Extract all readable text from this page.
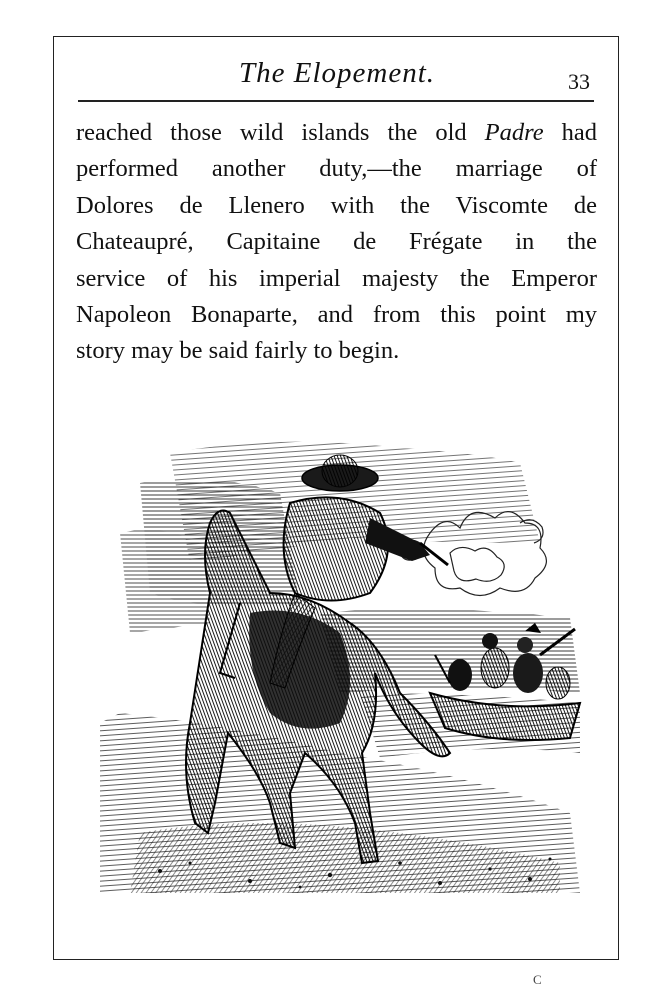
The Elopement.	33
reached those wild islands the old Padre had
performed another duty,—the marriage of
Dolores de Llenero with the Viscomte de
Chateaupré, Capitaine de Frégate in the
service of his imperial majesty the Emperor
Napoleon Bonaparte, and from this point my
story may be said fairly to begin.
C
